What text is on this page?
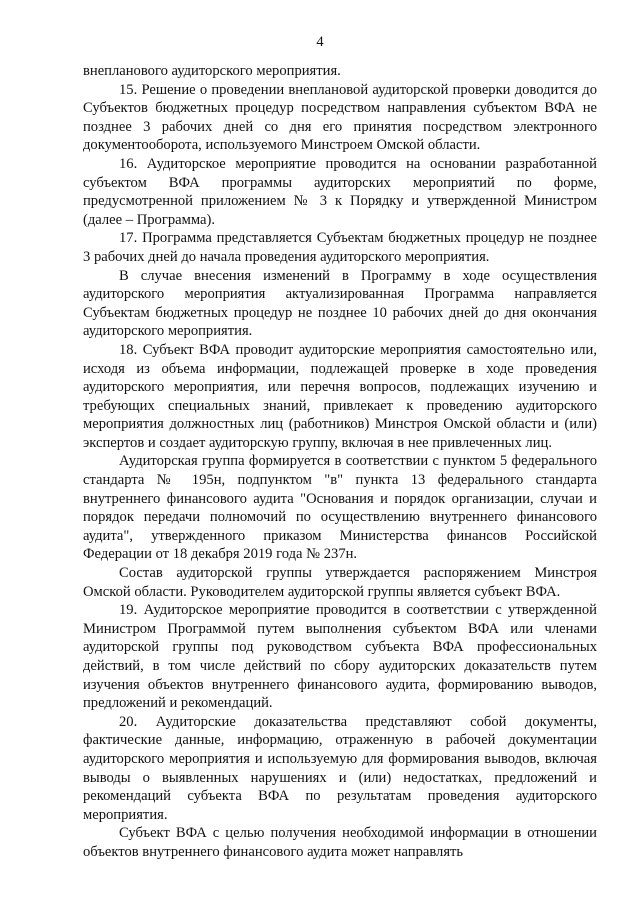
4

внепланового аудиторского мероприятия.

15. Решение о проведении внеплановой аудиторской проверки доводится до Субъектов бюджетных процедур посредством направления субъектом ВФА не позднее 3 рабочих дней со дня его принятия посредством электронного документооборота, используемого Минстроем Омской области.

16. Аудиторское мероприятие проводится на основании разработанной субъектом ВФА программы аудиторских мероприятий по форме, предусмотренной приложением № 3 к Порядку и утвержденной Министром (далее – Программа).

17. Программа представляется Субъектам бюджетных процедур не позднее 3 рабочих дней до начала проведения аудиторского мероприятия.

В случае внесения изменений в Программу в ходе осуществления аудиторского мероприятия актуализированная Программа направляется Субъектам бюджетных процедур не позднее 10 рабочих дней до дня окончания аудиторского мероприятия.

18. Субъект ВФА проводит аудиторские мероприятия самостоятельно или, исходя из объема информации, подлежащей проверке в ходе проведения аудиторского мероприятия, или перечня вопросов, подлежащих изучению и требующих специальных знаний, привлекает к проведению аудиторского мероприятия должностных лиц (работников) Минстроя Омской области и (или) экспертов и создает аудиторскую группу, включая в нее привлеченных лиц.

Аудиторская группа формируется в соответствии с пунктом 5 федерального стандарта № 195н, подпунктом "в" пункта 13 федерального стандарта внутреннего финансового аудита "Основания и порядок организации, случаи и порядок передачи полномочий по осуществлению внутреннего финансового аудита", утвержденного приказом Министерства финансов Российской Федерации от 18 декабря 2019 года № 237н.

Состав аудиторской группы утверждается распоряжением Минстроя Омской области. Руководителем аудиторской группы является субъект ВФА.

19. Аудиторское мероприятие проводится в соответствии с утвержденной Министром Программой путем выполнения субъектом ВФА или членами аудиторской группы под руководством субъекта ВФА профессиональных действий, в том числе действий по сбору аудиторских доказательств путем изучения объектов внутреннего финансового аудита, формированию выводов, предложений и рекомендаций.

20. Аудиторские доказательства представляют собой документы, фактические данные, информацию, отраженную в рабочей документации аудиторского мероприятия и используемую для формирования выводов, включая выводы о выявленных нарушениях и (или) недостатках, предложений и рекомендаций субъекта ВФА по результатам проведения аудиторского мероприятия.

Субъект ВФА с целью получения необходимой информации в отношении объектов внутреннего финансового аудита может направлять
